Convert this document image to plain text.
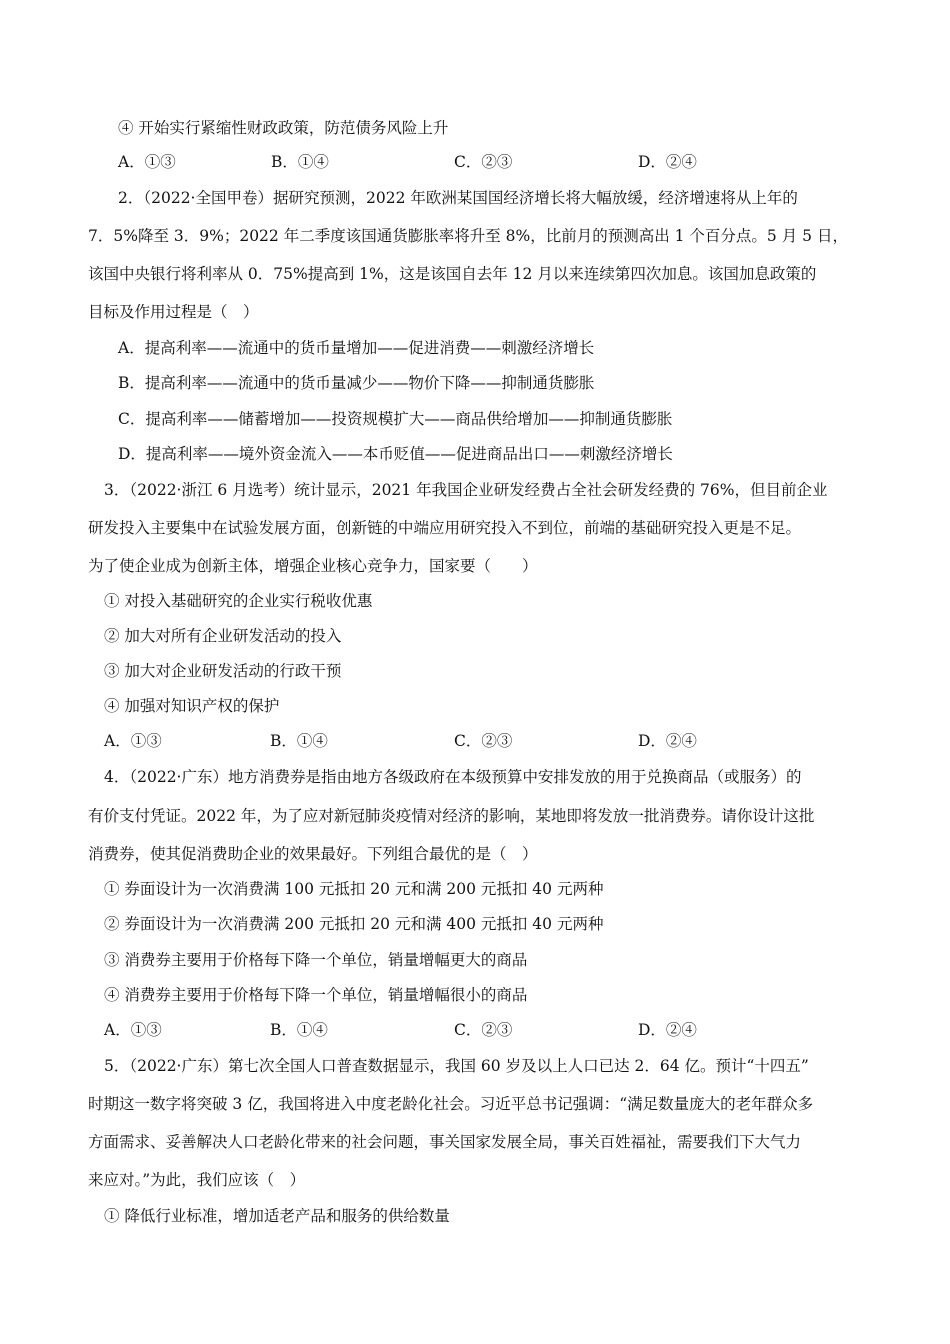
④ 开始实行紧缩性财政政策，防范债务风险上升
A．①③	B．①④	C．②③	D．②④
2．（2022·全国甲卷）据研究预测，2022 年欧洲某国国经济增长将大幅放缓，经济增速将从上年的
7．5%降至 3．9%；2022 年二季度该国通货膨胀率将升至 8%，比前月的预测高出 1 个百分点。5 月 5 日，
该国中央银行将利率从 0．75%提高到 1%，这是该国自去年 12 月以来连续第四次加息。该国加息政策的
目标及作用过程是（　）
A．提高利率——流通中的货币量增加——促进消费——刺激经济增长
B．提高利率——流通中的货币量减少——物价下降——抑制通货膨胀
C．提高利率——储蓄增加——投资规模扩大——商品供给增加——抑制通货膨胀
D．提高利率——境外资金流入——本币贬值——促进商品出口——刺激经济增长
3．（2022·浙江 6 月选考）统计显示，2021 年我国企业研发经费占全社会研发经费的 76%，但目前企业
研发投入主要集中在试验发展方面，创新链的中端应用研究投入不到位，前端的基础研究投入更是不足。
为了使企业成为创新主体，增强企业核心竞争力，国家要（　　）
① 对投入基础研究的企业实行税收优惠
② 加大对所有企业研发活动的投入
③ 加大对企业研发活动的行政干预
④ 加强对知识产权的保护
A．①③	B．①④	C．②③	D．②④
4．（2022·广东）地方消费券是指由地方各级政府在本级预算中安排发放的用于兑换商品（或服务）的
有价支付凭证。2022 年，为了应对新冠肺炎疫情对经济的影响，某地即将发放一批消费券。请你设计这批
消费券，使其促消费助企业的效果最好。下列组合最优的是（　）
① 券面设计为一次消费满 100 元抵扣 20 元和满 200 元抵扣 40 元两种
② 券面设计为一次消费满 200 元抵扣 20 元和满 400 元抵扣 40 元两种
③ 消费券主要用于价格每下降一个单位，销量增幅更大的商品
④ 消费券主要用于价格每下降一个单位，销量增幅很小的商品
A．①③	B．①④	C．②③	D．②④
5．（2022·广东）第七次全国人口普查数据显示，我国 60 岁及以上人口已达 2．64 亿。预计“十四五”
时期这一数字将突破 3 亿，我国将进入中度老龄化社会。习近平总书记强调：“满足数量庞大的老年群众多
方面需求、妥善解决人口老龄化带来的社会问题，事关国家发展全局，事关百姓福祉，需要我们下大气力
来应对。”为此，我们应该（　）
① 降低行业标准，增加适老产品和服务的供给数量
